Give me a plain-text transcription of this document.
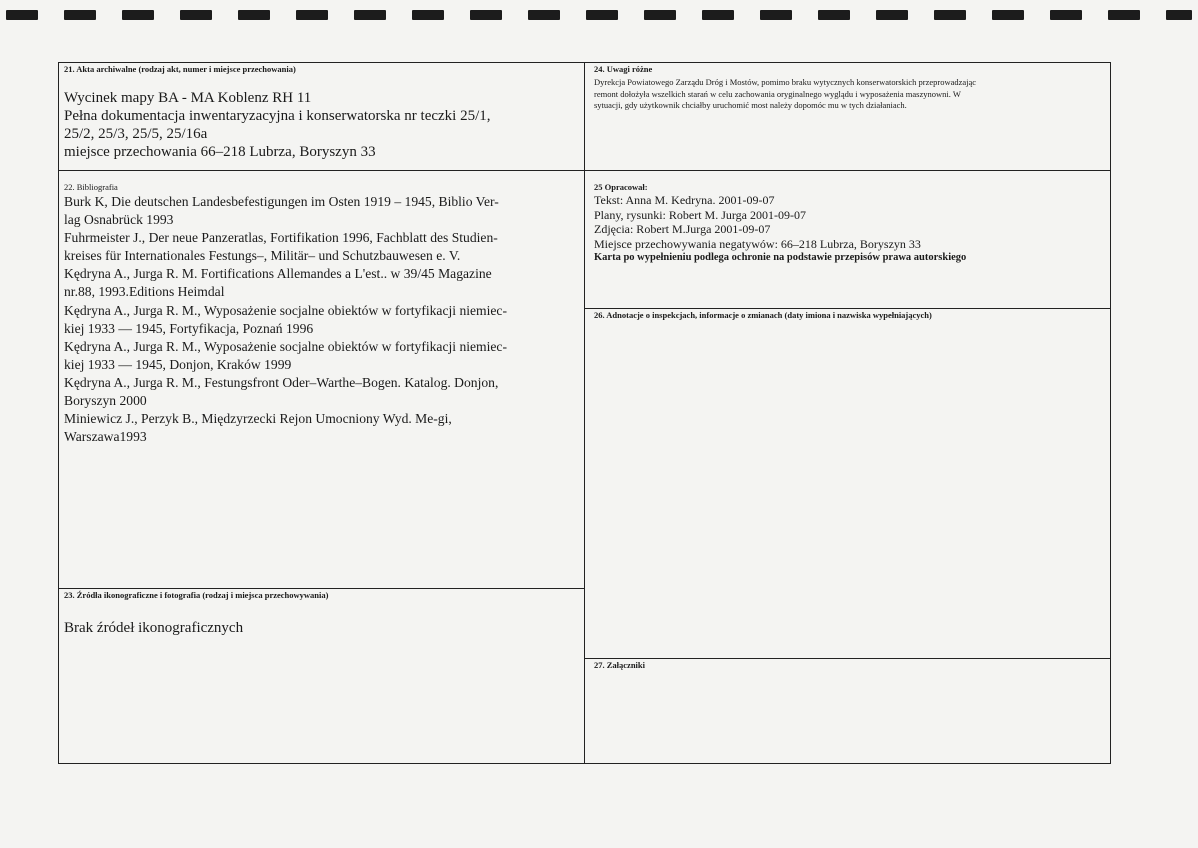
21. Akta archiwalne (rodzaj akt, numer i miejsce przechowania)
Wycinek mapy BA - MA Koblenz RH 11
Pełna dokumentacja inwentaryzacyjna i konserwatorska nr teczki 25/1,
25/2, 25/3, 25/5, 25/16a
miejsce przechowania 66–218 Lubrza, Boryszyn 33
24. Uwagi różne
Dyrekcja Powiatowego Zarządu Dróg i Mostów, pomimo braku wytycznych konserwatorskich przeprowadzając
remont dołożyła wszelkich starań w celu zachowania oryginalnego wyglądu i wyposażenia maszynowni. W
sytuacji, gdy użytkownik chciałby uruchomić most należy dopomóc mu w tych działaniach.
22. Bibliografia
Burk K, Die deutschen Landesbefestigungen im Osten 1919 – 1945, Biblio Ver-
lag Osnabrück 1993
Fuhrmeister J., Der neue Panzeratlas, Fortifikation 1996, Fachblatt des Studien-
kreises für Internationales Festungs–, Militär– und Schutzbauwesen e. V.
Kędryna A., Jurga R. M. Fortifications Allemandes a L'est.. w 39/45 Magazine
nr.88, 1993.Editions Heimdal
Kędryna A., Jurga R. M., Wyposażenie socjalne obiektów w fortyfikacji niemiec-
kiej 1933 — 1945, Fortyfikacja, Poznań 1996
Kędryna A., Jurga R. M., Wyposażenie socjalne obiektów w fortyfikacji niemiec-
kiej 1933 — 1945, Donjon, Kraków 1999
Kędryna A., Jurga R. M., Festungsfront Oder–Warthe–Bogen. Katalog. Donjon,
Boryszyn 2000
Miniewicz J., Perzyk B., Międzyrzecki Rejon Umocniony Wyd. Me-gi,
Warszawa1993
25 Opracował:
Tekst: Anna M. Kedryna. 2001-09-07
Plany, rysunki: Robert M. Jurga 2001-09-07
Zdjęcia: Robert M.Jurga 2001-09-07
Miejsce przechowywania negatywów: 66–218 Lubrza, Boryszyn 33
Karta po wypełnieniu podlega ochronie na podstawie przepisów prawa autorskiego
26. Adnotacje o inspekcjach, informacje o zmianach (daty imiona i nazwiska wypełniających)
23. Źródła ikonograficzne i fotografia (rodzaj i miejsca przechowywania)
Brak źródeł ikonograficznych
27. Załączniki
